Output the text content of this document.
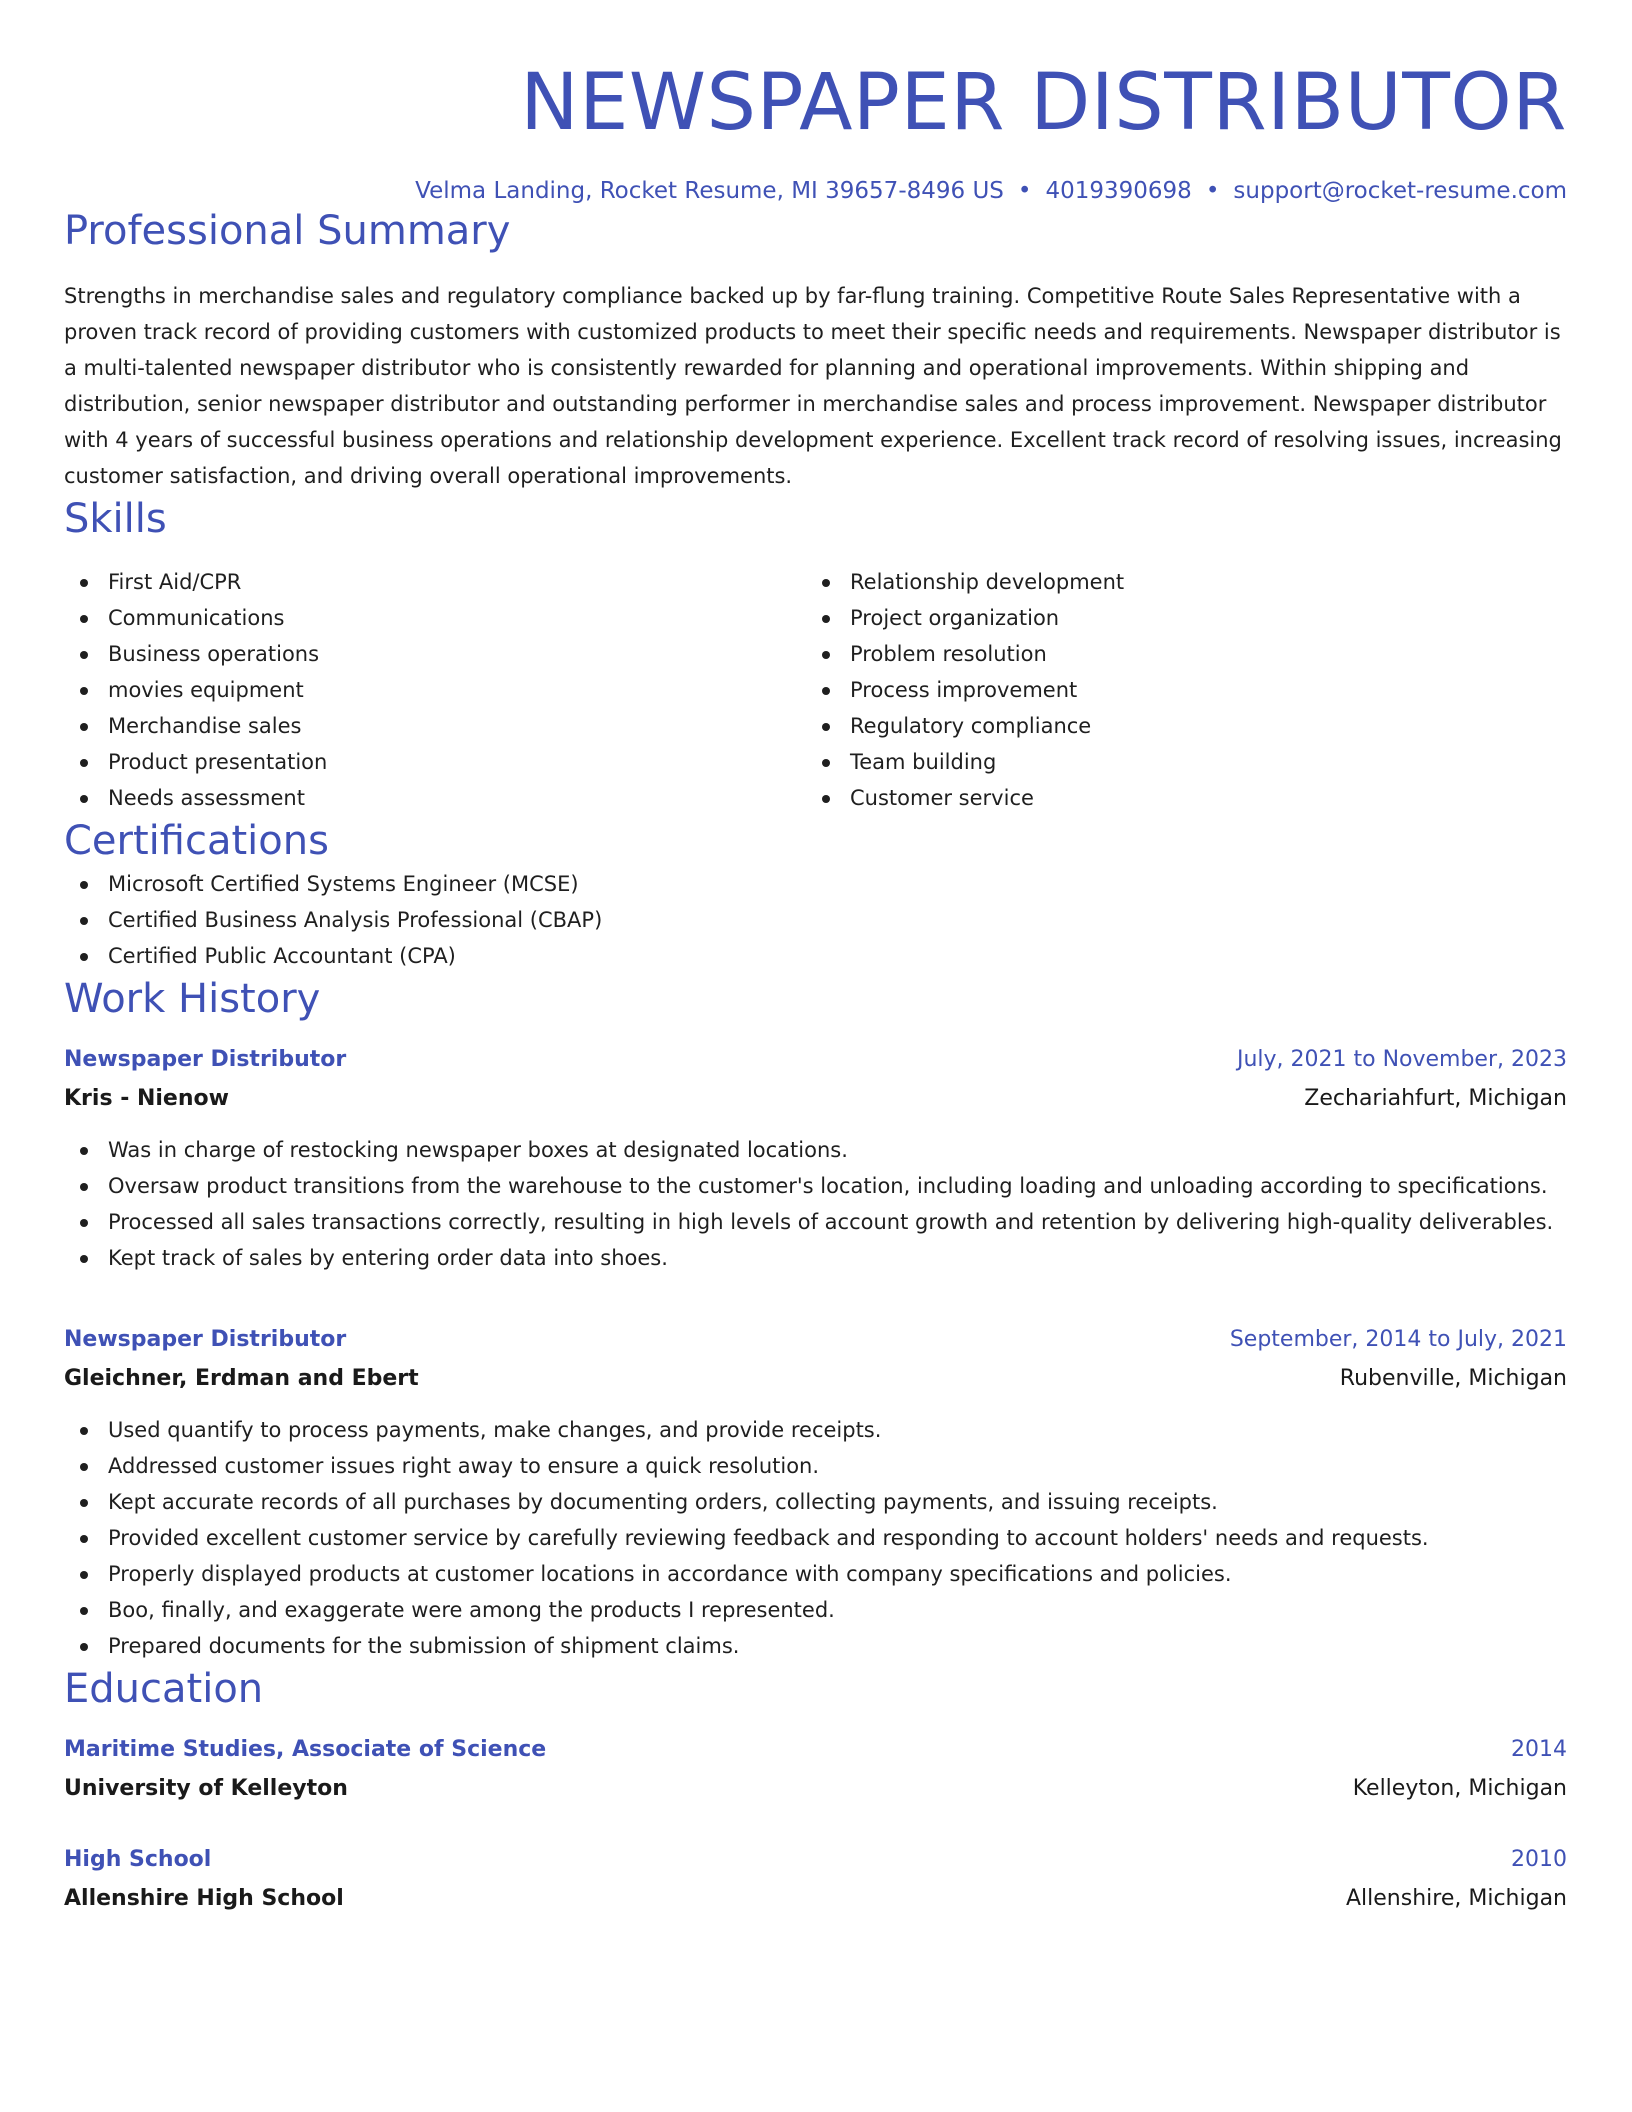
NEWSPAPER DISTRIBUTOR
Velma Landing, Rocket Resume, MI 39657-8496 US • 4019390698 • support@rocket-resume.com
Professional Summary
Strengths in merchandise sales and regulatory compliance backed up by far-flung training. Competitive Route Sales Representative with a proven track record of providing customers with customized products to meet their specific needs and requirements. Newspaper distributor is a multi-talented newspaper distributor who is consistently rewarded for planning and operational improvements. Within shipping and distribution, senior newspaper distributor and outstanding performer in merchandise sales and process improvement. Newspaper distributor with 4 years of successful business operations and relationship development experience. Excellent track record of resolving issues, increasing customer satisfaction, and driving overall operational improvements.
Skills
First Aid/CPR
Communications
Business operations
movies equipment
Merchandise sales
Product presentation
Needs assessment
Relationship development
Project organization
Problem resolution
Process improvement
Regulatory compliance
Team building
Customer service
Certifications
Microsoft Certified Systems Engineer (MCSE)
Certified Business Analysis Professional (CBAP)
Certified Public Accountant (CPA)
Work History
Newspaper Distributor	July, 2021 to November, 2023
Kris - Nienow	Zechariahfurt, Michigan
Was in charge of restocking newspaper boxes at designated locations.
Oversaw product transitions from the warehouse to the customer's location, including loading and unloading according to specifications.
Processed all sales transactions correctly, resulting in high levels of account growth and retention by delivering high-quality deliverables.
Kept track of sales by entering order data into shoes.
Newspaper Distributor	September, 2014 to July, 2021
Gleichner, Erdman and Ebert	Rubenville, Michigan
Used quantify to process payments, make changes, and provide receipts.
Addressed customer issues right away to ensure a quick resolution.
Kept accurate records of all purchases by documenting orders, collecting payments, and issuing receipts.
Provided excellent customer service by carefully reviewing feedback and responding to account holders' needs and requests.
Properly displayed products at customer locations in accordance with company specifications and policies.
Boo, finally, and exaggerate were among the products I represented.
Prepared documents for the submission of shipment claims.
Education
Maritime Studies, Associate of Science	2014
University of Kelleyton	Kelleyton, Michigan
High School	2010
Allenshire High School	Allenshire, Michigan
